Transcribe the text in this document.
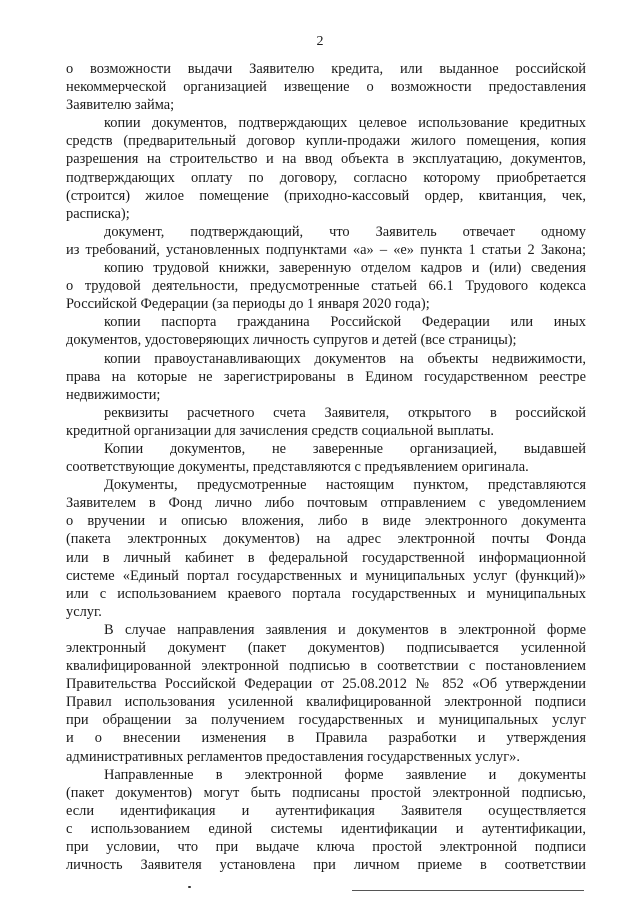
2
о возможности выдачи Заявителю кредита, или выданное российской
некоммерческой организацией извещение о возможности предоставления
Заявителю займа;
копии документов, подтверждающих целевое использование кредитных
средств (предварительный договор купли-продажи жилого помещения, копия
разрешения на строительство и на ввод объекта в эксплуатацию, документов,
подтверждающих оплату по договору, согласно которому приобретается
(строится) жилое помещение (приходно-кассовый ордер, квитанция, чек,
расписка);
документ, подтверждающий, что Заявитель отвечает одному
из требований, установленных подпунктами «а» – «е» пункта 1 статьи 2 Закона;
копию трудовой книжки, заверенную отделом кадров и (или) сведения
о трудовой деятельности, предусмотренные статьей 66.1 Трудового кодекса
Российской Федерации (за периоды до 1 января 2020 года);
копии паспорта гражданина Российской Федерации или иных
документов, удостоверяющих личность супругов и детей (все страницы);
копии правоустанавливающих документов на объекты недвижимости,
права на которые не зарегистрированы в Едином государственном реестре
недвижимости;
реквизиты расчетного счета Заявителя, открытого в российской
кредитной организации для зачисления средств социальной выплаты.
Копии документов, не заверенные организацией, выдавшей
соответствующие документы, представляются с предъявлением оригинала.
Документы, предусмотренные настоящим пунктом, представляются
Заявителем в Фонд лично либо почтовым отправлением с уведомлением
о вручении и описью вложения, либо в виде электронного документа
(пакета электронных документов) на адрес электронной почты Фонда
или в личный кабинет в федеральной государственной информационной
системе «Единый портал государственных и муниципальных услуг (функций)»
или с использованием краевого портала государственных и муниципальных
услуг.
В случае направления заявления и документов в электронной форме
электронный документ (пакет документов) подписывается усиленной
квалифицированной электронной подписью в соответствии с постановлением
Правительства Российской Федерации от 25.08.2012 № 852 «Об утверждении
Правил использования усиленной квалифицированной электронной подписи
при обращении за получением государственных и муниципальных услуг
и о внесении изменения в Правила разработки и утверждения
административных регламентов предоставления государственных услуг».
Направленные в электронной форме заявление и документы
(пакет документов) могут быть подписаны простой электронной подписью,
если идентификация и аутентификация Заявителя осуществляется
с использованием единой системы идентификации и аутентификации,
при условии, что при выдаче ключа простой электронной подписи
личность Заявителя установлена при личном приеме в соответствии
